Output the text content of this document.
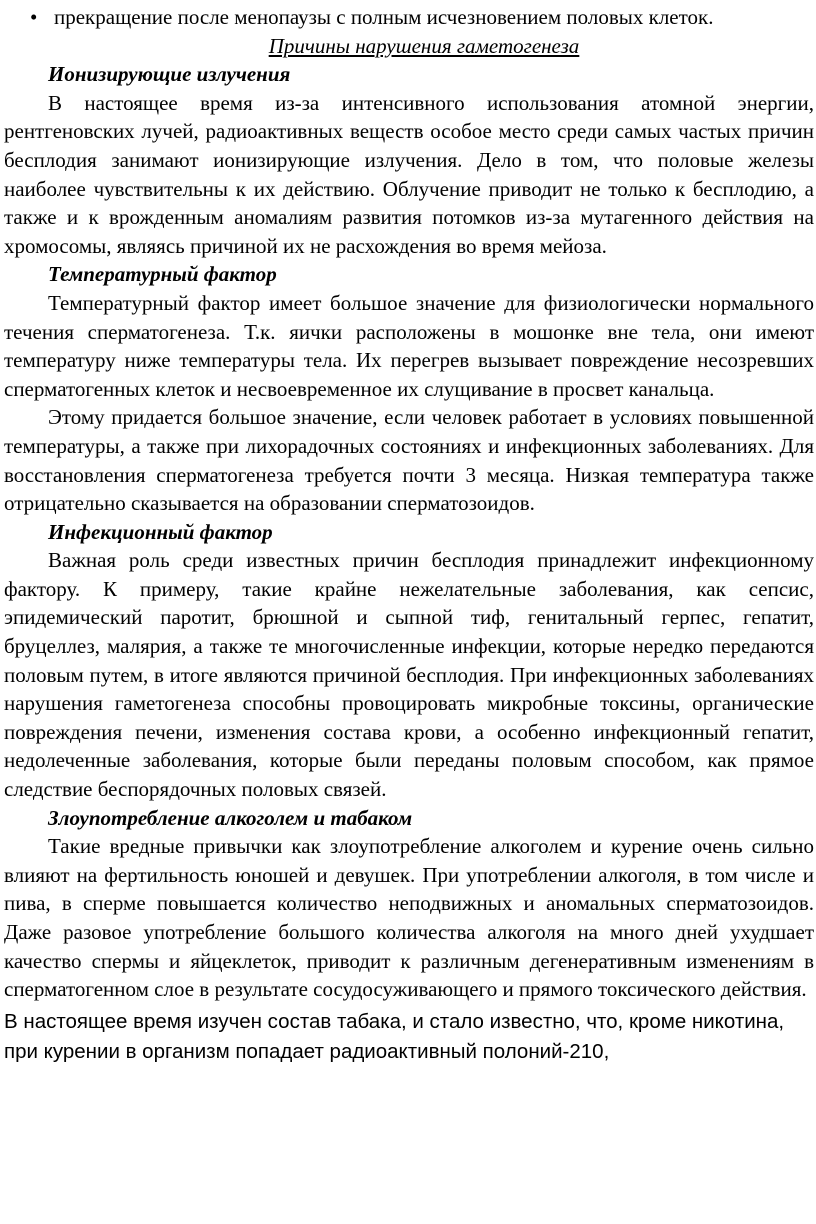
• прекращение после менопаузы с полным исчезновением половых клеток.

Причины нарушения гаметогенеза

Ионизирующие излучения

В настоящее время из-за интенсивного использования атомной энергии, рентгеновских лучей, радиоактивных веществ особое место среди самых частых причин бесплодия занимают ионизирующие излучения. Дело в том, что половые железы наиболее чувствительны к их действию. Облучение приводит не только к бесплодию, а также и к врожденным аномалиям развития потомков из-за мутагенного действия на хромосомы, являясь причиной их не расхождения во время мейоза.

Температурный фактор

Температурный фактор имеет большое значение для физиологически нормального течения сперматогенеза. Т.к. яички расположены в мошонке вне тела, они имеют температуру ниже температуры тела. Их перегрев вызывает повреждение несозревших сперматогенных клеток и несвоевременное их слущивание в просвет канальца.

Этому придается большое значение, если человек работает в условиях повышенной температуры, а также при лихорадочных состояниях и инфекционных заболеваниях. Для восстановления сперматогенеза требуется почти 3 месяца. Низкая температура также отрицательно сказывается на образовании сперматозоидов.

Инфекционный фактор

Важная роль среди известных причин бесплодия принадлежит инфекционному фактору. К примеру, такие крайне нежелательные заболевания, как сепсис, эпидемический паротит, брюшной и сыпной тиф, генитальный герпес, гепатит, бруцеллез, малярия, а также те многочисленные инфекции, которые нередко передаются половым путем, в итоге являются причиной бесплодия. При инфекционных заболеваниях нарушения гаметогенеза способны провоцировать микробные токсины, органические повреждения печени, изменения состава крови, а особенно инфекционный гепатит, недолеченные заболевания, которые были переданы половым способом, как прямое следствие беспорядочных половых связей.

Злоупотребление алкоголем и табаком

Такие вредные привычки как злоупотребление алкоголем и курение очень сильно влияют на фертильность юношей и девушек. При употреблении алкоголя, в том числе и пива, в сперме повышается количество неподвижных и аномальных сперматозоидов. Даже разовое употребление большого количества алкоголя на много дней ухудшает качество спермы и яйцеклеток, приводит к различным дегенеративным изменениям в сперматогенном слое в результате сосудосуживающего и прямого токсического действия.

В настоящее время изучен состав табака, и стало известно, что, кроме никотина, при курении в организм попадает радиоактивный полоний-210,
